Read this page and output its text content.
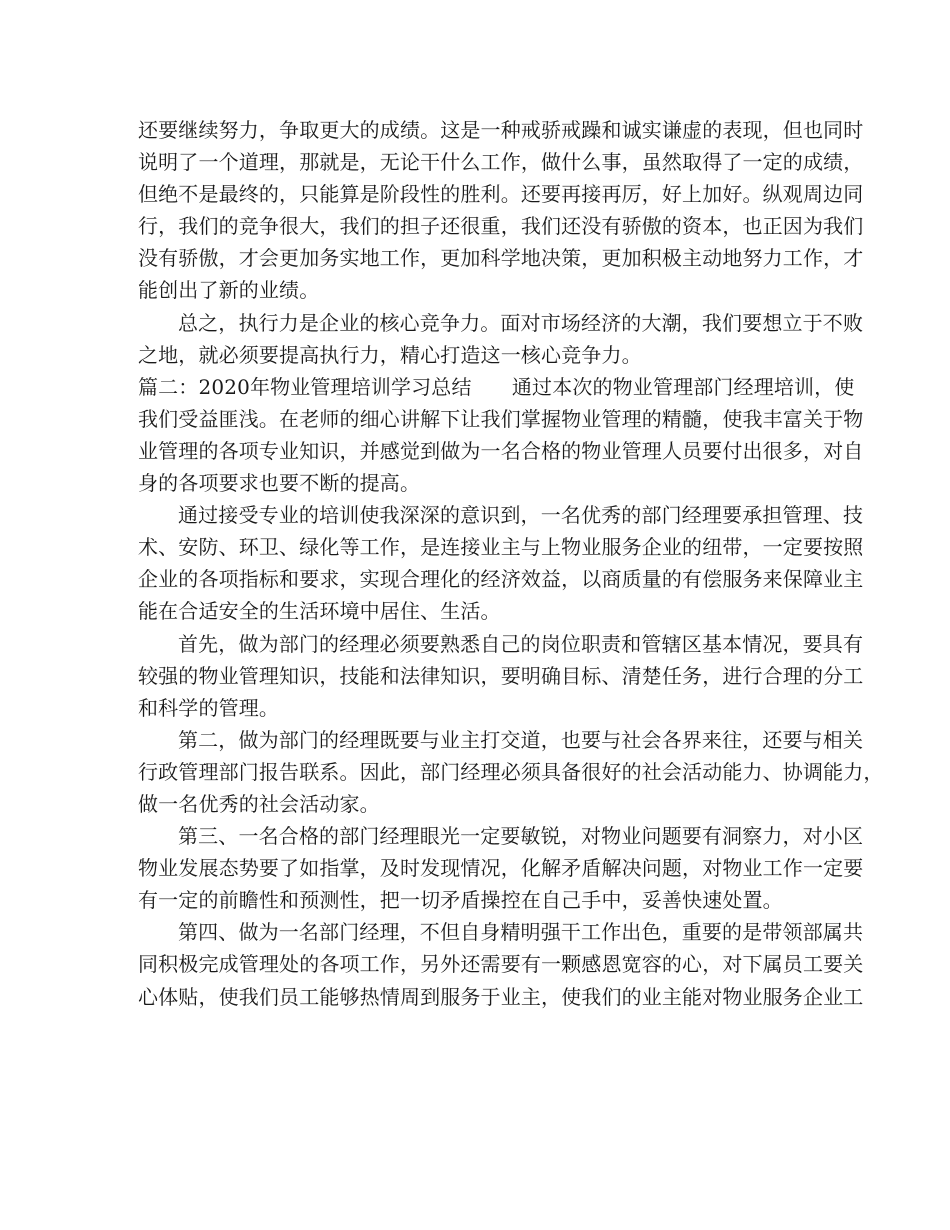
还要继续努力，争取更大的成绩。这是一种戒骄戒躁和诚实谦虚的表现，但也同时
说明了一个道理，那就是，无论干什么工作，做什么事，虽然取得了一定的成绩，
但绝不是最终的，只能算是阶段性的胜利。还要再接再厉，好上加好。纵观周边同
行，我们的竞争很大，我们的担子还很重，我们还没有骄傲的资本，也正因为我们
没有骄傲，才会更加务实地工作，更加科学地决策，更加积极主动地努力工作，才
能创出了新的业绩。
总之，执行力是企业的核心竞争力。面对市场经济的大潮，我们要想立于不败
之地，就必须要提高执行力，精心打造这一核心竞争力。
篇二：2020年物业管理培训学习总结　　通过本次的物业管理部门经理培训，使
我们受益匪浅。在老师的细心讲解下让我们掌握物业管理的精髓，使我丰富关于物
业管理的各项专业知识，并感觉到做为一名合格的物业管理人员要付出很多，对自
身的各项要求也要不断的提高。
通过接受专业的培训使我深深的意识到，一名优秀的部门经理要承担管理、技
术、安防、环卫、绿化等工作，是连接业主与上物业服务企业的纽带，一定要按照
企业的各项指标和要求，实现合理化的经济效益，以商质量的有偿服务来保障业主
能在合适安全的生活环境中居住、生活。
首先，做为部门的经理必须要熟悉自己的岗位职责和管辖区基本情况，要具有
较强的物业管理知识，技能和法律知识，要明确目标、清楚任务，进行合理的分工
和科学的管理。
第二，做为部门的经理既要与业主打交道，也要与社会各界来往，还要与相关
行政管理部门报告联系。因此，部门经理必须具备很好的社会活动能力、协调能力，
做一名优秀的社会活动家。
第三、一名合格的部门经理眼光一定要敏锐，对物业问题要有洞察力，对小区
物业发展态势要了如指掌，及时发现情况，化解矛盾解决问题，对物业工作一定要
有一定的前瞻性和预测性，把一切矛盾操控在自己手中，妥善快速处置。
第四、做为一名部门经理，不但自身精明强干工作出色，重要的是带领部属共
同积极完成管理处的各项工作，另外还需要有一颗感恩宽容的心，对下属员工要关
心体贴，使我们员工能够热情周到服务于业主，使我们的业主能对物业服务企业工
